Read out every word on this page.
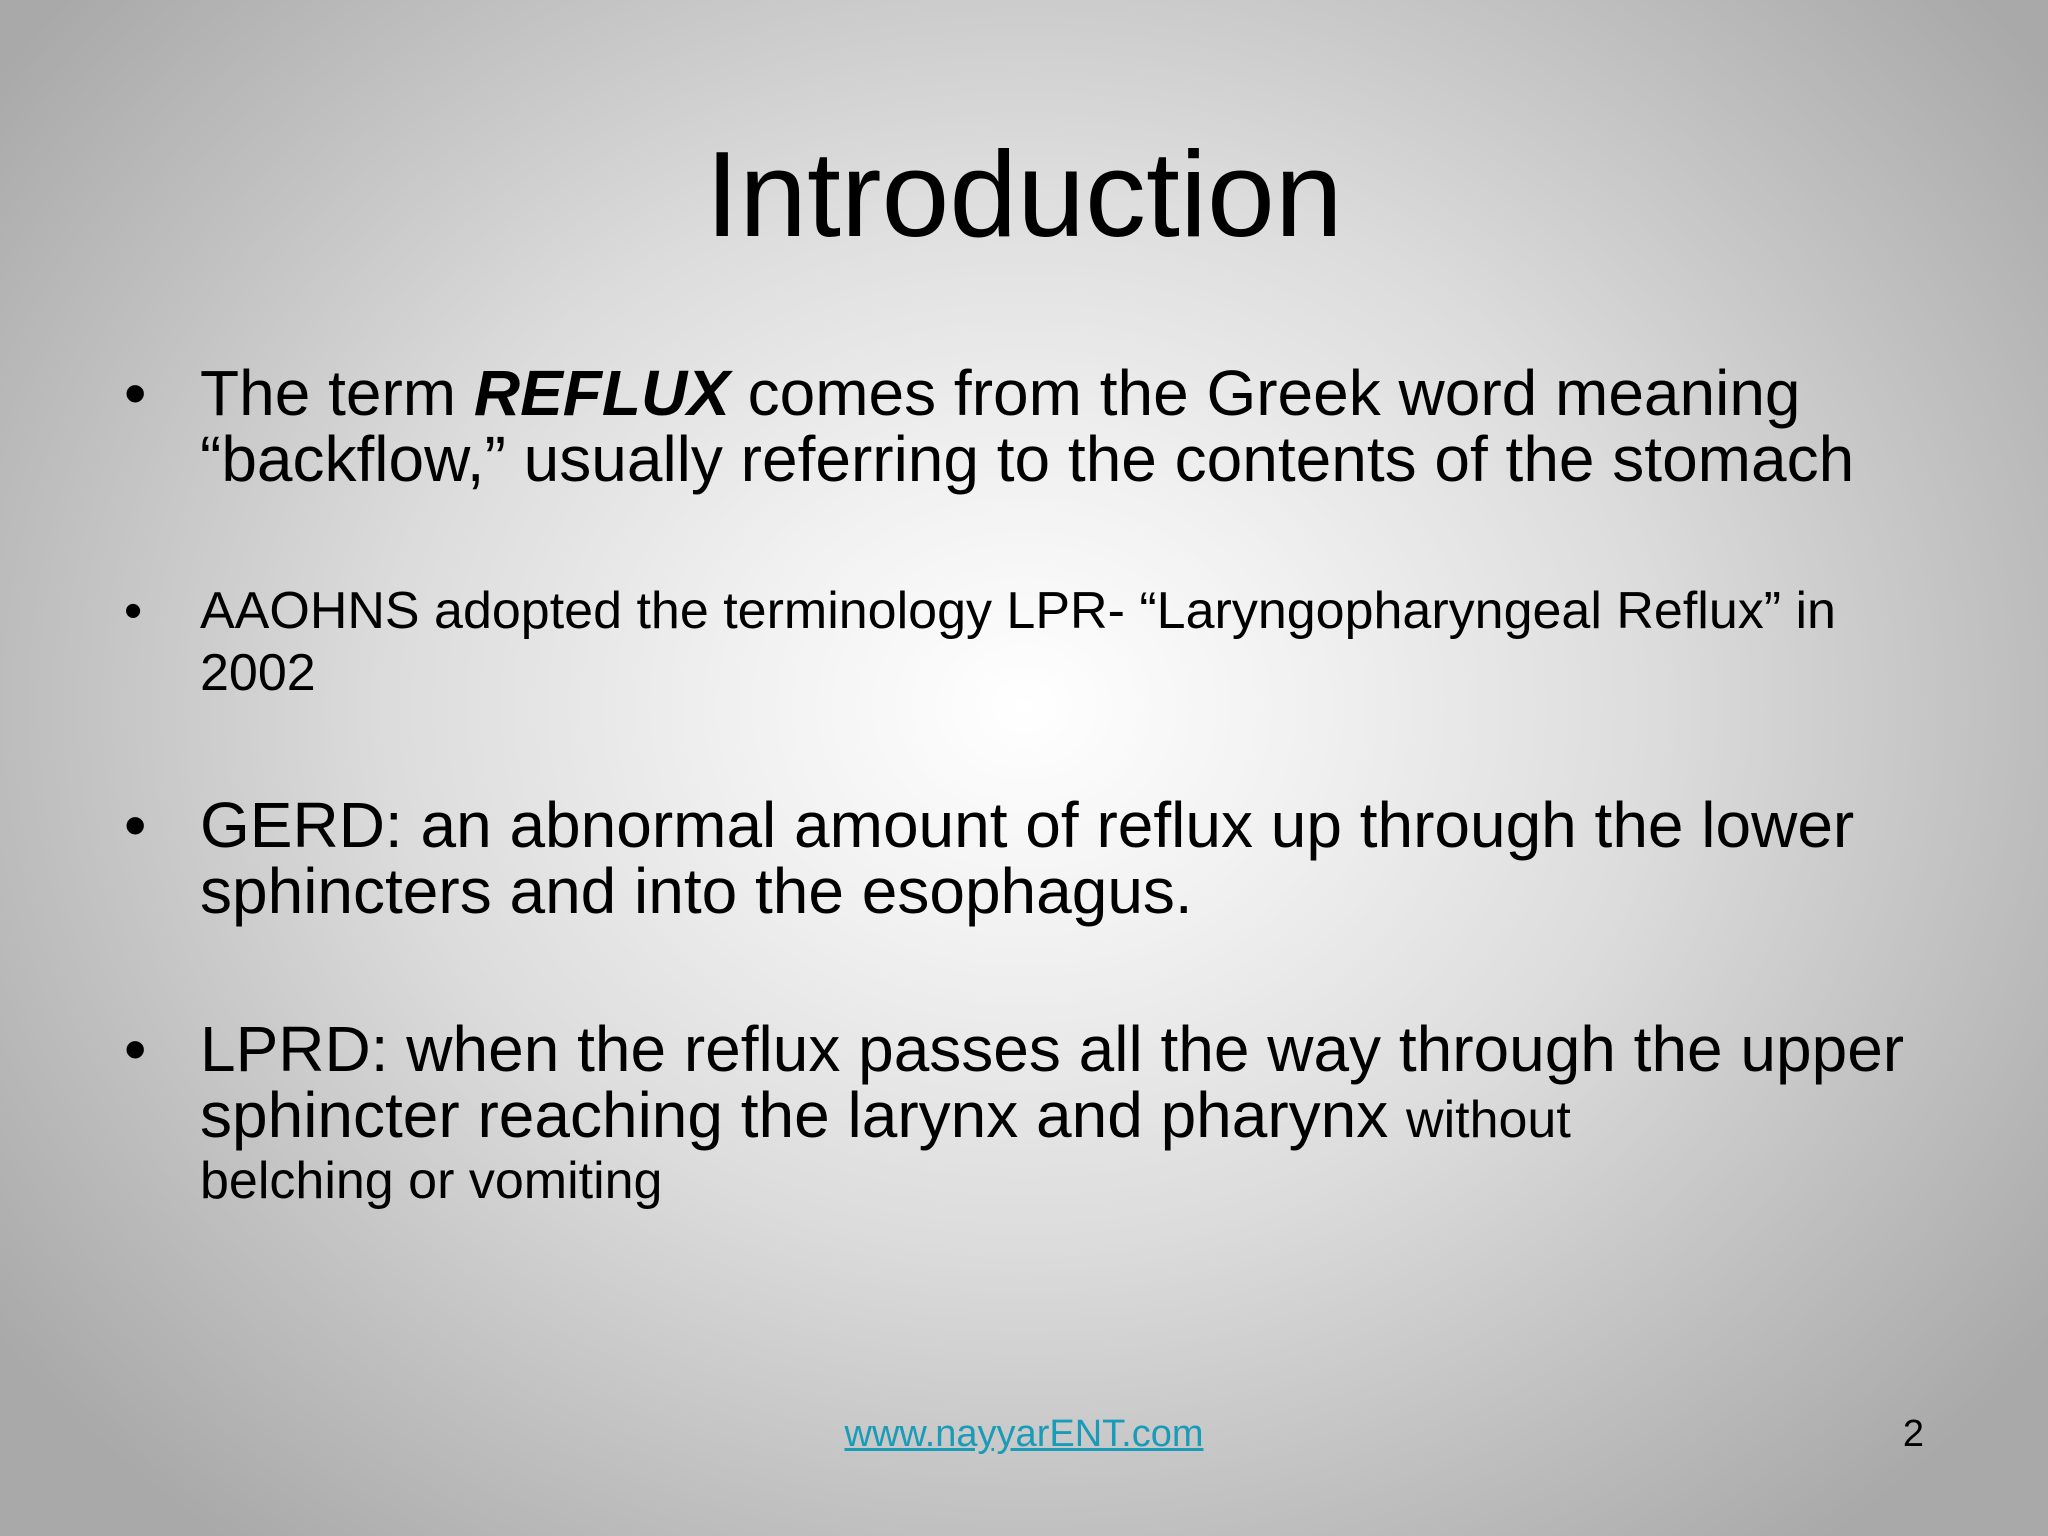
Introduction
• The term REFLUX comes from the Greek word meaning “backflow,” usually referring to the contents of the stomach
• AAOHNS adopted the terminology LPR- “Laryngopharyngeal Reflux” in 2002
• GERD: an abnormal amount of reflux up through the lower sphincters and into the esophagus.
• LPRD: when the reflux passes all the way through the upper sphincter reaching the larynx and pharynx without
belching or vomiting
www.nayyarENT.com	2
